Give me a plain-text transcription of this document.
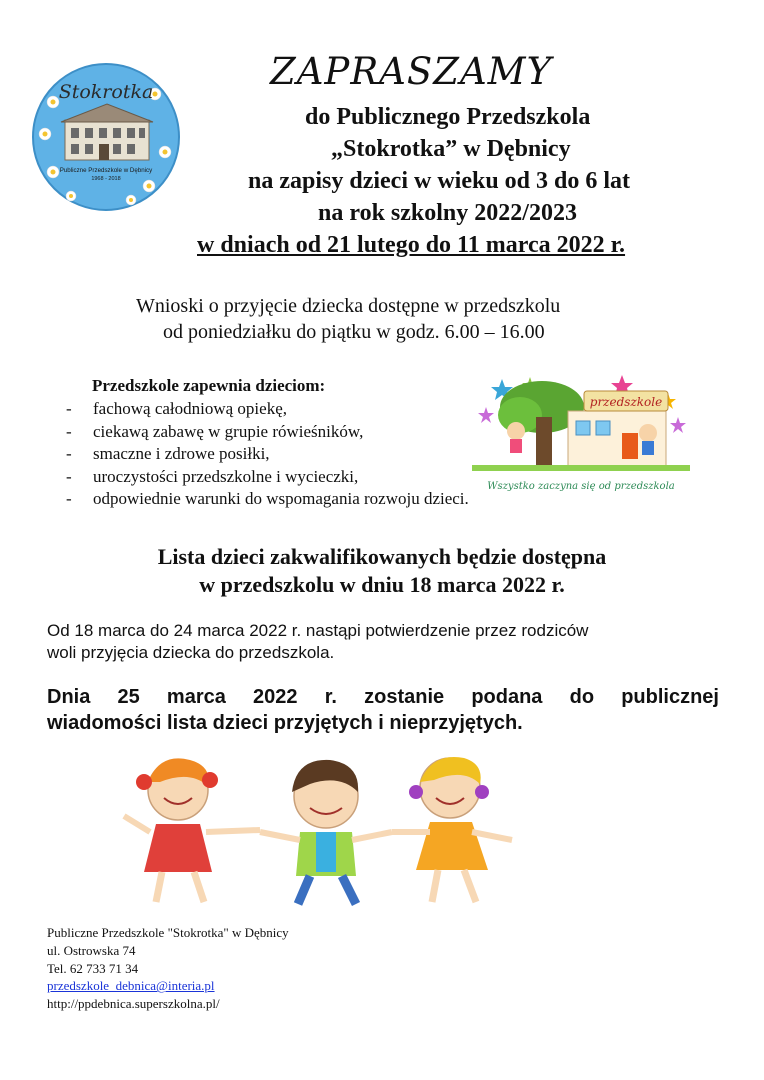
Stokrotka
Publiczne Przedszkole w Dębnicy
1968 - 2018
ZAPRASZAMY
do Publicznego Przedszkola
„Stokrotka” w Dębnicy
na zapisy dzieci w wieku od 3 do 6 lat
na rok szkolny 2022/2023
w dniach od 21 lutego do 11 marca 2022 r.
Wnioski o przyjęcie dziecka dostępne w przedszkolu
od poniedziałku do piątku w godz. 6.00 – 16.00
Przedszkole zapewnia dzieciom:
- fachową całodniową opiekę,
- ciekawą zabawę w grupie rówieśników,
- smaczne i zdrowe posiłki,
- uroczystości przedszkolne i wycieczki,
- odpowiednie warunki do wspomagania rozwoju dzieci.
przedszkole
Wszystko zaczyna się od przedszkola
Lista dzieci zakwalifikowanych będzie dostępna
w przedszkolu w dniu 18 marca 2022 r.
Od 18 marca do 24 marca 2022 r. nastąpi potwierdzenie przez rodziców
woli przyjęcia dziecka do przedszkola.
Dnia 25 marca 2022 r. zostanie podana do publicznej
wiadomości lista dzieci przyjętych i nieprzyjętych.
Publiczne Przedszkole "Stokrotka" w Dębnicy
ul. Ostrowska 74
Tel. 62 733 71 34
przedszkole_debnica@interia.pl
http://ppdebnica.superszkolna.pl/
